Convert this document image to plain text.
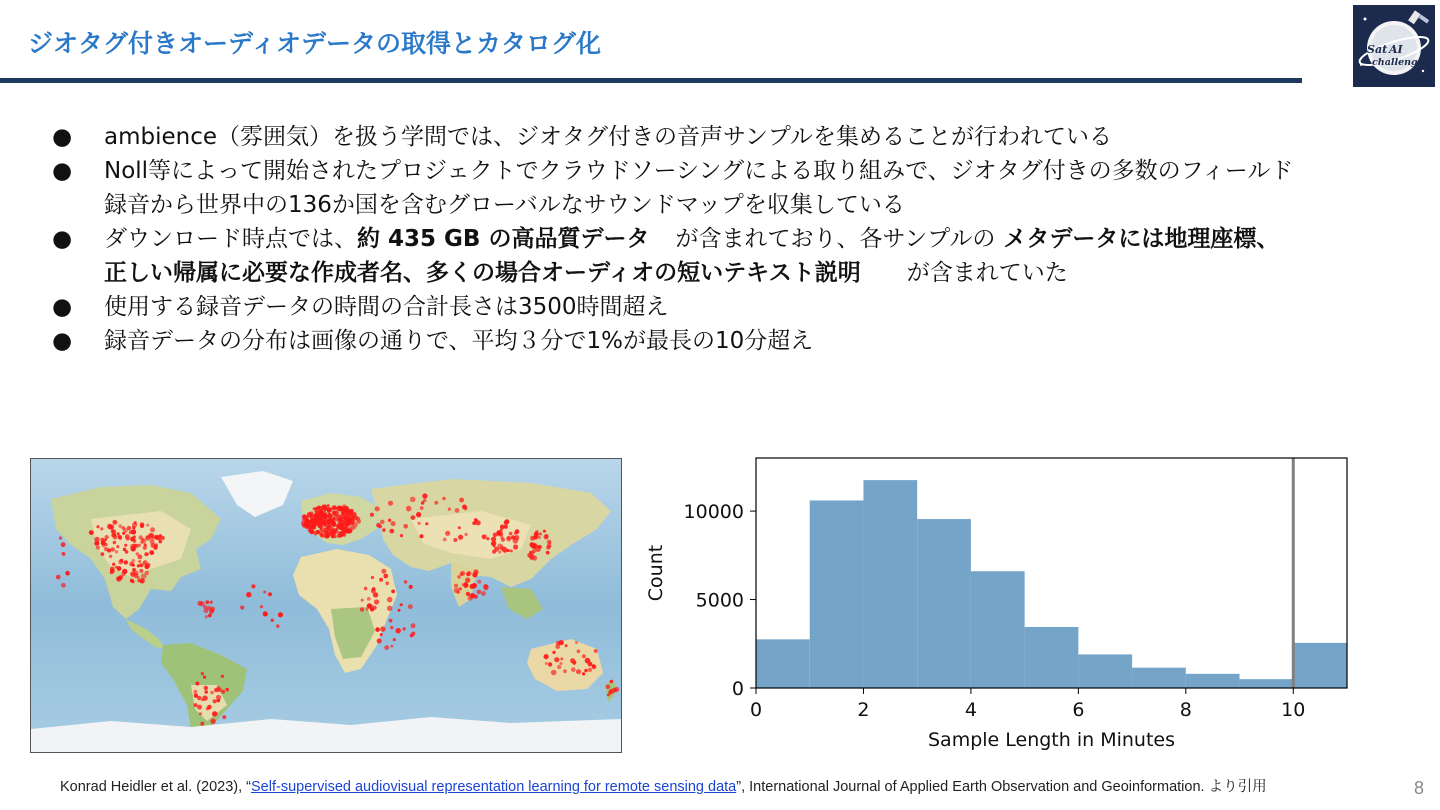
ジオタグ付きオーディオデータの取得とカタログ化	Sat AI
challenge
● ambience（雰囲気）を扱う学問では、ジオタグ付きの音声サンプルを集めることが行われている
● Noll等によって開始されたプロジェクトでクラウドソーシングによる取り組みで、ジオタグ付きの多数のフィールド
録音から世界中の136か国を含むグローバルなサウンドマップを収集している
● ダウンロード時点では、約 435 GB の高品質データ が含まれており、各サンプルの メタデータには地理座標、
正しい帰属に必要な作成者名、多くの場合オーディオの短いテキスト説明 が含まれていた
● 使用する録音データの時間の合計長さは3500時間超え
● 録音データの分布は画像の通りで、平均３分で1%が最長の10分超え
0	2	4	6	8	10
0
5000
10000
Sample Length in Minutes
Count
Konrad Heidler et al. (2023), “Self-supervised audiovisual representation learning for remote sensing data”, International Journal of Applied Earth Observation and Geoinformation. より引用	8
